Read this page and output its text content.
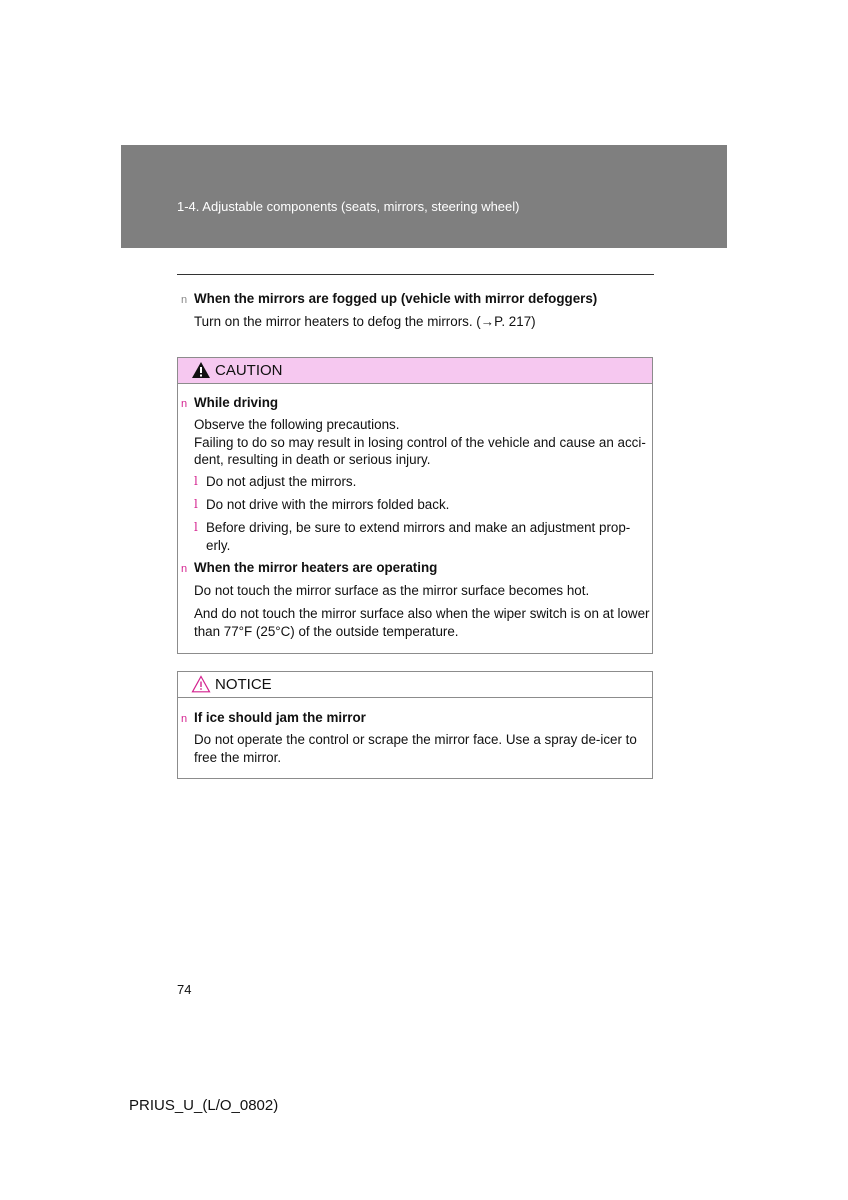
1-4. Adjustable components (seats, mirrors, steering wheel)
n When the mirrors are fogged up (vehicle with mirror defoggers)
Turn on the mirror heaters to defog the mirrors. (→P. 217)
CAUTION
n While driving
Observe the following precautions.
Failing to do so may result in losing control of the vehicle and cause an acci-
dent, resulting in death or serious injury.
l Do not adjust the mirrors.
l Do not drive with the mirrors folded back.
l Before driving, be sure to extend mirrors and make an adjustment prop-
erly.
n When the mirror heaters are operating
Do not touch the mirror surface as the mirror surface becomes hot.
And do not touch the mirror surface also when the wiper switch is on at lower
than 77°F (25°C) of the outside temperature.
NOTICE
n If ice should jam the mirror
Do not operate the control or scrape the mirror face. Use a spray de-icer to
free the mirror.
74
PRIUS_U_(L/O_0802)
